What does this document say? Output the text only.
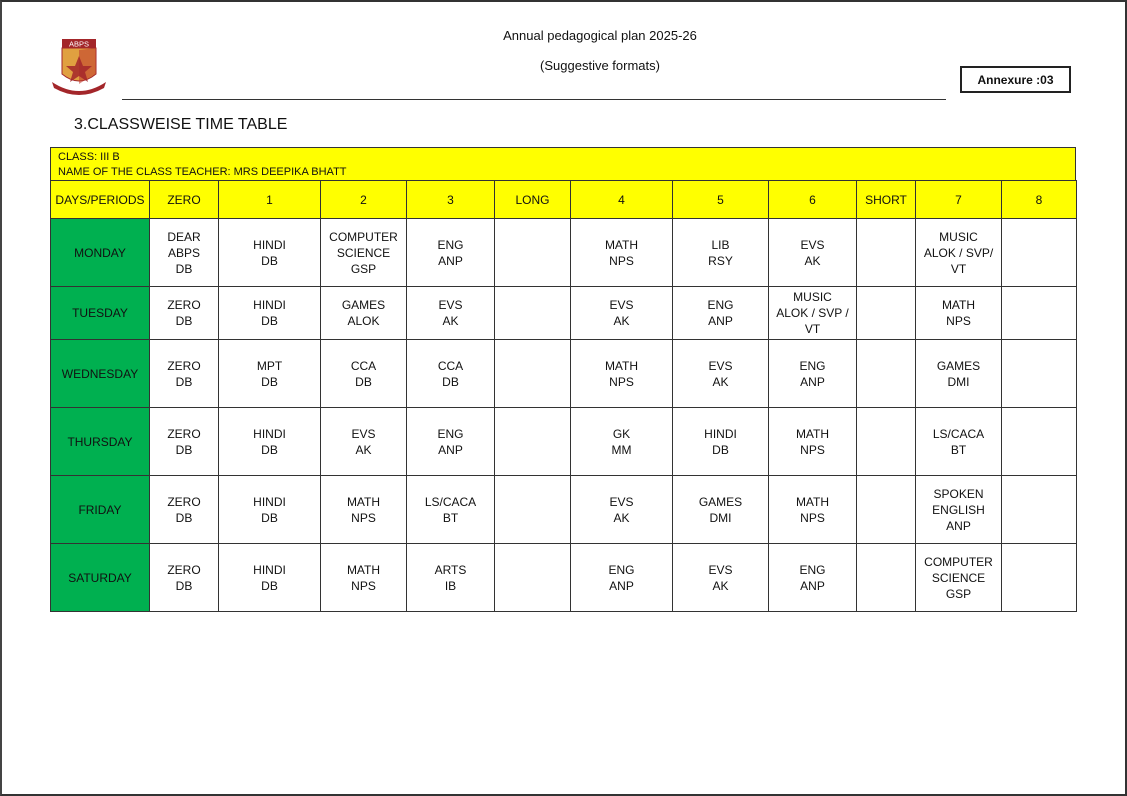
ABPS
Annual pedagogical plan 2025-26
(Suggestive formats)
Annexure :03
3.CLASSWEISE TIME TABLE
CLASS: III B
NAME OF THE CLASS TEACHER: MRS DEEPIKA BHATT
DAYS/PERIODS	ZERO	1	2	3	LONG	4	5	6	SHORT	7	8
MONDAY	DEAR
ABPS
DB	HINDI
DB	COMPUTER
SCIENCE
GSP	ENG
ANP		MATH
NPS	LIB
RSY	EVS
AK		MUSIC
ALOK / SVP/
VT	

TUESDAY	ZERO
DB	HINDI
DB	GAMES
ALOK	EVS
AK		EVS
AK	ENG
ANP	MUSIC
ALOK / SVP /
VT		MATH
NPS	

WEDNESDAY	ZERO
DB	MPT
DB	CCA
DB	CCA
DB		MATH
NPS	EVS
AK	ENG
ANP		GAMES
DMI	

THURSDAY	ZERO
DB	HINDI
DB	EVS
AK	ENG
ANP		GK
MM	HINDI
DB	MATH
NPS		LS/CACA
BT	

FRIDAY	ZERO
DB	HINDI
DB	MATH
NPS	LS/CACA
BT		EVS
AK	GAMES
DMI	MATH
NPS		SPOKEN
ENGLISH
ANP	

SATURDAY	ZERO
DB	HINDI
DB	MATH
NPS	ARTS
IB		ENG
ANP	EVS
AK	ENG
ANP		COMPUTER
SCIENCE
GSP	
